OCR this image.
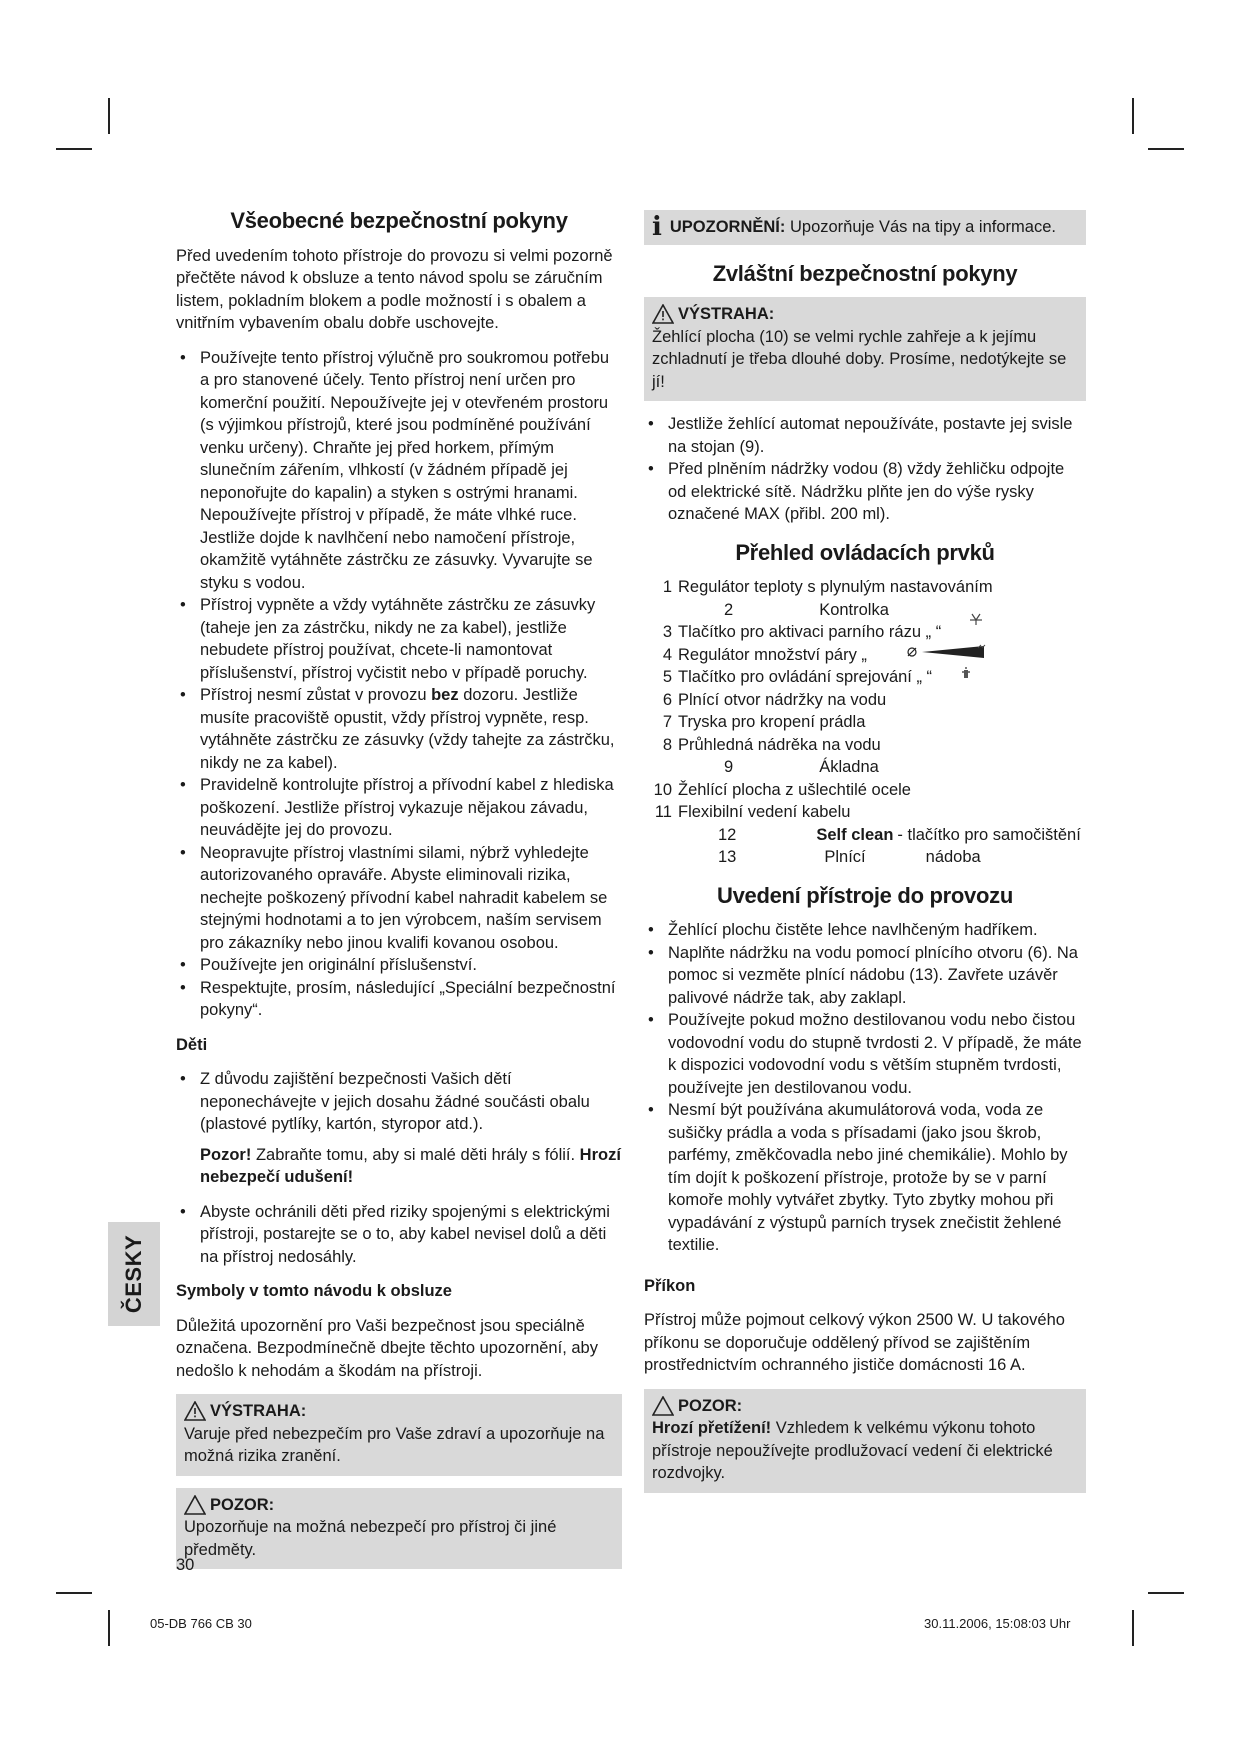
ČESKY
Všeobecné bezpečnostní pokyny

Před uvedením tohoto přístroje do provozu si velmi pozorně přečtěte návod k obsluze a tento návod spolu se záručním listem, pokladním blokem a podle možností i s obalem a vnitřním vybavením obalu dobře uschovejte.

• Používejte tento přístroj výlučně pro soukromou potřebu a pro stanovené účely. Tento přístroj není určen pro komerční použití. Nepoužívejte jej v otevřeném prostoru (s výjimkou přístrojů, které jsou podmíněné používání venku určeny). Chraňte jej před horkem, přímým slunečním zářením, vlhkostí (v žádném případě jej neponořujte do kapalin) a styken s ostrými hranami. Nepoužívejte přístroj v případě, že máte vlhké ruce. Jestliže dojde k navlhčení nebo namočení přístroje, okamžitě vytáhněte zástrčku ze zásuvky. Vyvarujte se styku s vodou.
• Přístroj vypněte a vždy vytáhněte zástrčku ze zásuvky (taheje jen za zástrčku, nikdy ne za kabel), jestliže nebudete přístroj používat, chcete-li namontovat příslušenství, přístroj vyčistit nebo v případě poruchy.
• Přístroj nesmí zůstat v provozu bez dozoru. Jestliže musíte pracoviště opustit, vždy přístroj vypněte, resp. vytáhněte zástrčku ze zásuvky (vždy tahejte za zástrčku, nikdy ne za kabel).
• Pravidelně kontrolujte přístroj a přívodní kabel z hlediska poškození. Jestliže přístroj vykazuje nějakou závadu, neuvádějte jej do provozu.
• Neopravujte přístroj vlastními silami, nýbrž vyhledejte autorizovaného opraváře. Abyste eliminovali rizika, nechejte poškozený přívodní kabel nahradit kabelem se stejnými hodnotami a to jen výrobcem, naším servisem pro zákazníky nebo jinou kvalifi kovanou osobou.
• Používejte jen originální příslušenství.
• Respektujte, prosím, následující „Speciální bezpečnostní pokyny“.
Děti
• Z důvodu zajištění bezpečnosti Vašich dětí neponechávejte v jejich dosahu žádné součásti obalu (plastové pytlíky, kartón, styropor atd.).

Pozor! Zabraňte tomu, aby si malé děti hrály s fólií. Hrozí nebezpečí udušení!

• Abyste ochránili děti před riziky spojenými s elektrickými přístroji, postarejte se o to, aby kabel nevisel dolů a děti na přístroj nedosáhly.
Symboly v tomto návodu k obsluze

Důležitá upozornění pro Vaši bezpečnost jsou speciálně označena. Bezpodmínečně dbejte těchto upozornění, aby nedošlo k nehodám a škodám na přístroji.

VÝSTRAHA:
Varuje před nebezpečím pro Vaše zdraví a upozorňuje na možná rizika zranění.
POZOR:
Upozorňuje na možná nebezpečí pro přístroj či jiné předměty.
i UPOZORNĚNÍ: Upozorňuje Vás na tipy a informace.
Zvláštní bezpečnostní pokyny
VÝSTRAHA:
Žehlící plocha (10) se velmi rychle zahřeje a k jejímu zchladnutí je třeba dlouhé doby. Prosíme, nedotýkejte se jí!
• Jestliže žehlící automat nepoužíváte, postavte jej svisle na stojan (9).
• Před plněním nádržky vodou (8) vždy žehličku odpojte od elektrické sítě. Nádržku plňte jen do výše rysky označené MAX (přibl. 200 ml).
Přehled ovládacích prvků
1 Regulátor teploty s plynulým nastavováním
2	Kontrolka
3 Tlačítko pro aktivaci parního rázu „ “
4 Regulátor množství páry „
5 Tlačítko pro ovládání sprejování „ “
6 Plnící otvor nádržky na vodu
7 Tryska pro kropení prádla
8 Průhledná nádrěka na vodu
9	Ákladna
10 Žehlící plocha z ušlechtilé ocele
11 Flexibilní vedení kabelu
12	Self clean - tlačítko pro samočištění
13	Plnící	nádoba
Uvedení přístroje do provozu
• Žehlící plochu čistěte lehce navlhčeným hadříkem.
• Naplňte nádržku na vodu pomocí plnícího otvoru (6). Na pomoc si vezměte plnící nádobu (13). Zavřete uzávěr palivové nádrže tak, aby zaklapl.
• Používejte pokud možno destilovanou vodu nebo čistou vodovodní vodu do stupně tvrdosti 2. V případě, že máte k dispozici vodovodní vodu s větším stupněm tvrdosti, používejte jen destilovanou vodu.
• Nesmí být používána akumulátorová voda, voda ze sušičky prádla a voda s přísadami (jako jsou škrob, parfémy, změkčovadla nebo jiné chemikálie). Mohlo by tím dojít k poškození přístroje, protože by se v parní komoře mohly vytvářet zbytky. Tyto zbytky mohou při vypadávání z výstupů parních trysek znečistit žehlené textilie.
Příkon

Přístroj může pojmout celkový výkon 2500 W. U takového příkonu se doporučuje oddělený přívod se zajištěním prostřednictvím ochranného jističe domácnosti 16 A.

POZOR:
Hrozí přetížení! Vzhledem k velkému výkonu tohoto přístroje nepoužívejte prodlužovací vedení či elektrické rozdvojky.
30
05-DB 766 CB 30	30.11.2006, 15:08:03 Uhr
